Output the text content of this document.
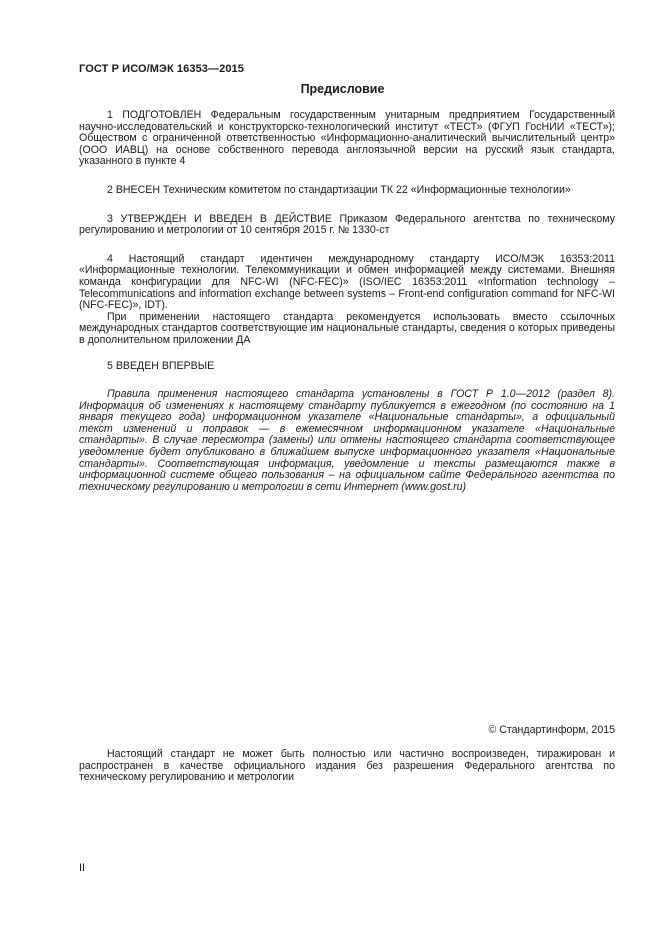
ГОСТ Р ИСО/МЭК 16353—2015
Предисловие

1 ПОДГОТОВЛЕН Федеральным государственным унитарным предприятием Государственный научно-исследовательский и конструкторско-технологический институт «ТЕСТ» (ФГУП ГосНИИ «ТЕСТ»); Обществом с ограниченной ответственностью «Информационно-аналитический вычислительный центр» (ООО ИАВЦ) на основе собственного перевода англоязычной версии на русский язык стандарта, указанного в пункте 4

2 ВНЕСЕН Техническим комитетом по стандартизации ТК 22 «Информационные технологии»

3 УТВЕРЖДЕН И ВВЕДЕН В ДЕЙСТВИЕ Приказом Федерального агентства по техническому регулированию и метрологии от 10 сентября 2015 г. № 1330-ст

4 Настоящий стандарт идентичен международному стандарту ИСО/МЭК 16353:2011 «Информационные технологии. Телекоммуникации и обмен информацией между системами. Внешняя команда конфигурации для NFC-WI (NFC-FEC)» (ISO/IEC 16353:2011 «Information technology – Telecommunications and information exchange between systems – Front-end configuration command for NFC-WI (NFC-FEC)», IDT).

При применении настоящего стандарта рекомендуется использовать вместо ссылочных международных стандартов соответствующие им национальные стандарты, сведения о которых приведены в дополнительном приложении ДА

5 ВВЕДЕН ВПЕРВЫЕ

Правила применения настоящего стандарта установлены в ГОСТ Р 1.0—2012 (раздел 8). Информация об изменениях к настоящему стандарту публикуется в ежегодном (по состоянию на 1 января текущего года) информационном указателе «Национальные стандарты», а официальный текст изменений и поправок — в ежемесячном информационном указателе «Национальные стандарты». В случае пересмотра (замены) или отмены настоящего стандарта соответствующее уведомление будет опубликовано в ближайшем выпуске информационного указателя «Национальные стандарты». Соответствующая информация, уведомление и тексты размещаются также в информационной системе общего пользования – на официальном сайте Федерального агентства по техническому регулированию и метрологии в сети Интернет (www.gost.ru)

© Стандартинформ, 2015

Настоящий стандарт не может быть полностью или частично воспроизведен, тиражирован и распространен в качестве официального издания без разрешения Федерального агентства по техническому регулированию и метрологии

II
